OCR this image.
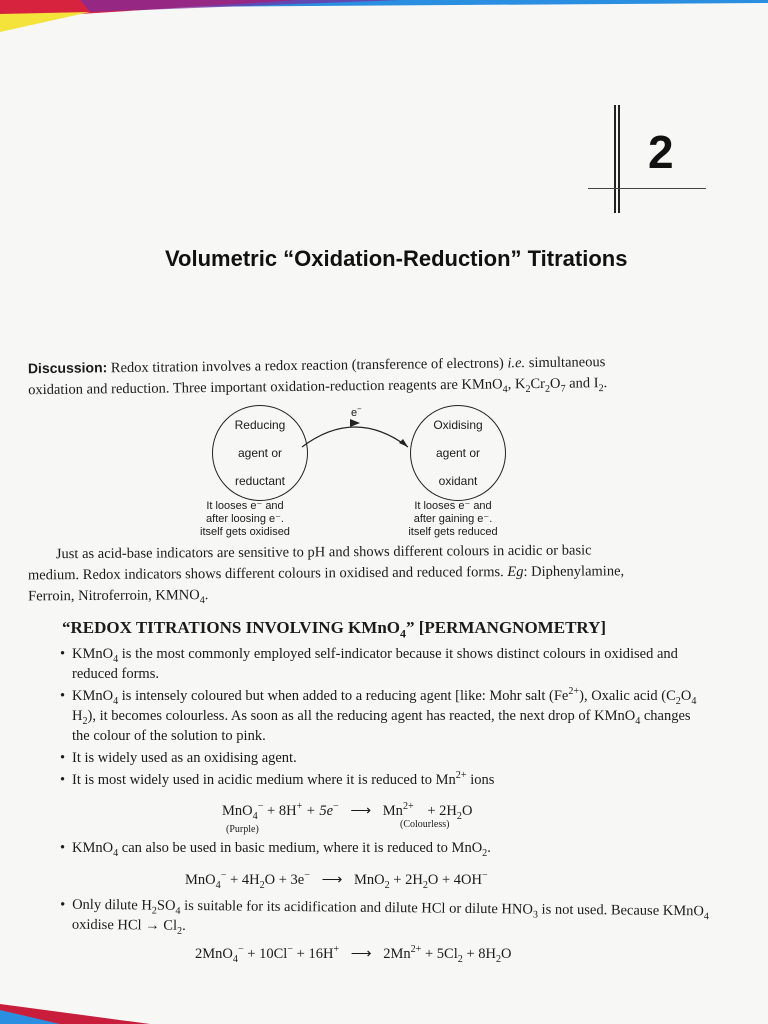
2
Volumetric “Oxidation-Reduction” Titrations
Discussion: Redox titration involves a redox reaction (transference of electrons) i.e. simultaneous
oxidation and reduction. Three important oxidation-reduction reagents are KMnO$_4$, $K_2Cr_2O_7$ and $I_2$.
e−
Reducing

agent or

reductant
Oxidising

agent or

oxidant
It looses e⁻ and
after loosing e⁻.
itself gets oxidised
It looses e⁻ and
after gaining e⁻.
itself gets reduced
Just as acid-base indicators are sensitive to pH and shows different colours in acidic or basic
medium. Redox indicators shows different colours in oxidised and reduced forms. Eg: Diphenylamine,
Ferroin, Nitroferroin, $KMNO_4$.
“REDOX TITRATIONS INVOLVING KMnO$_4$” [PERMANGNOMETRY]
• KMnO$_4$ is the most commonly employed self-indicator because it shows distinct colours in oxidised and reduced forms.
• KMnO$_4$ is intensely coloured but when added to a reducing agent [like: Mohr salt $(Fe^{2+})$, Oxalic acid ($C_2O_4$ $H_2$), it becomes colourless. As soon as all the reducing agent has reacted, the next drop of KMnO$_4$ changes the colour of the solution to pink.
• It is widely used as an oxidising agent.
• It is most widely used in acidic medium where it is reduced to $Mn^{2+}$ ions
MnO$_4$− + 8H+ + 5e− ⟶ $Mn^{2+} + 2H_2O$
(Purple)	(Colourless)
• KMnO$_4$ can also be used in basic medium, where it is reduced to MnO$_2$.
$MnO_4^- + 4H_2O + 3e^-$ ⟶ $MnO_2 + 2H_2O + 4OH^-$
• Only dilute $H_2SO_4$ is suitable for its acidification and dilute HCl or dilute $HNO_3$ is not used. Because KMnO$_4$ oxidise HCl → $Cl_2$.
2MnO$_4$− + 10Cl− + 16H+ ⟶ $2Mn^{2+} + 5Cl_2 + 8H_2O$
